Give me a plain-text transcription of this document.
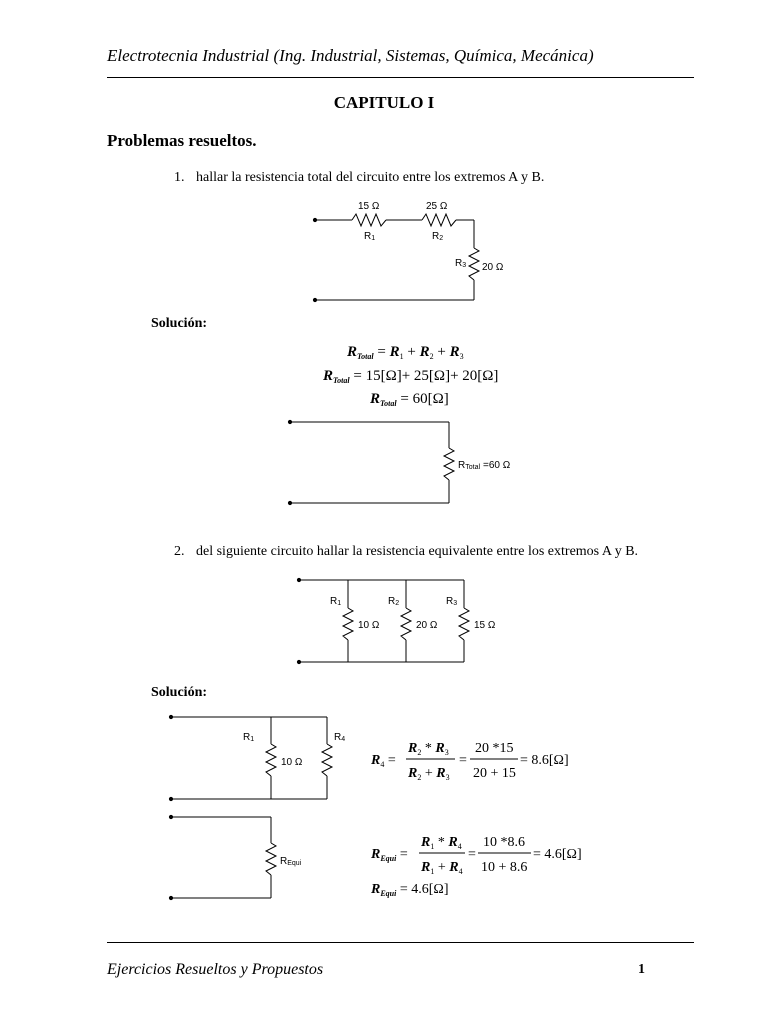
Electrotecnia Industrial (Ing. Industrial, Sistemas, Química, Mecánica)
CAPITULO I
Problemas resueltos.
1. hallar la resistencia total del circuito entre los extremos A y B.
15 Ω
R1
25 Ω
R2
R3 20 Ω
$R_{Total} = R_1 + R_2 + R_3$
$R_{Total} = 15[\Omega]+ 25[\Omega]+ 20[\Omega]$
$R_{Total} = 60[\Omega]$
RTotal =60 Ω
Solución:
2. del siguiente circuito hallar la resistencia equivalente entre los extremos A y B.
Solución:
R1
10 Ω
R2
20 Ω
R3
15 Ω
R1
10 Ω
R4
REqui
$R_4$ =
$R_2 * R_3$
$R_2 + R_3$
=
20 *15
20 + 15
= 8.6[Ω]
$R_{Equi}$ =
$R_1 * R_4$
$R_1 + R_4$
=
10 *8.6
10 + 8.6
= 4.6[Ω]
$R_{Equi} = 4.6[\Omega]$
Ejercicios Resueltos y Propuestos	1
